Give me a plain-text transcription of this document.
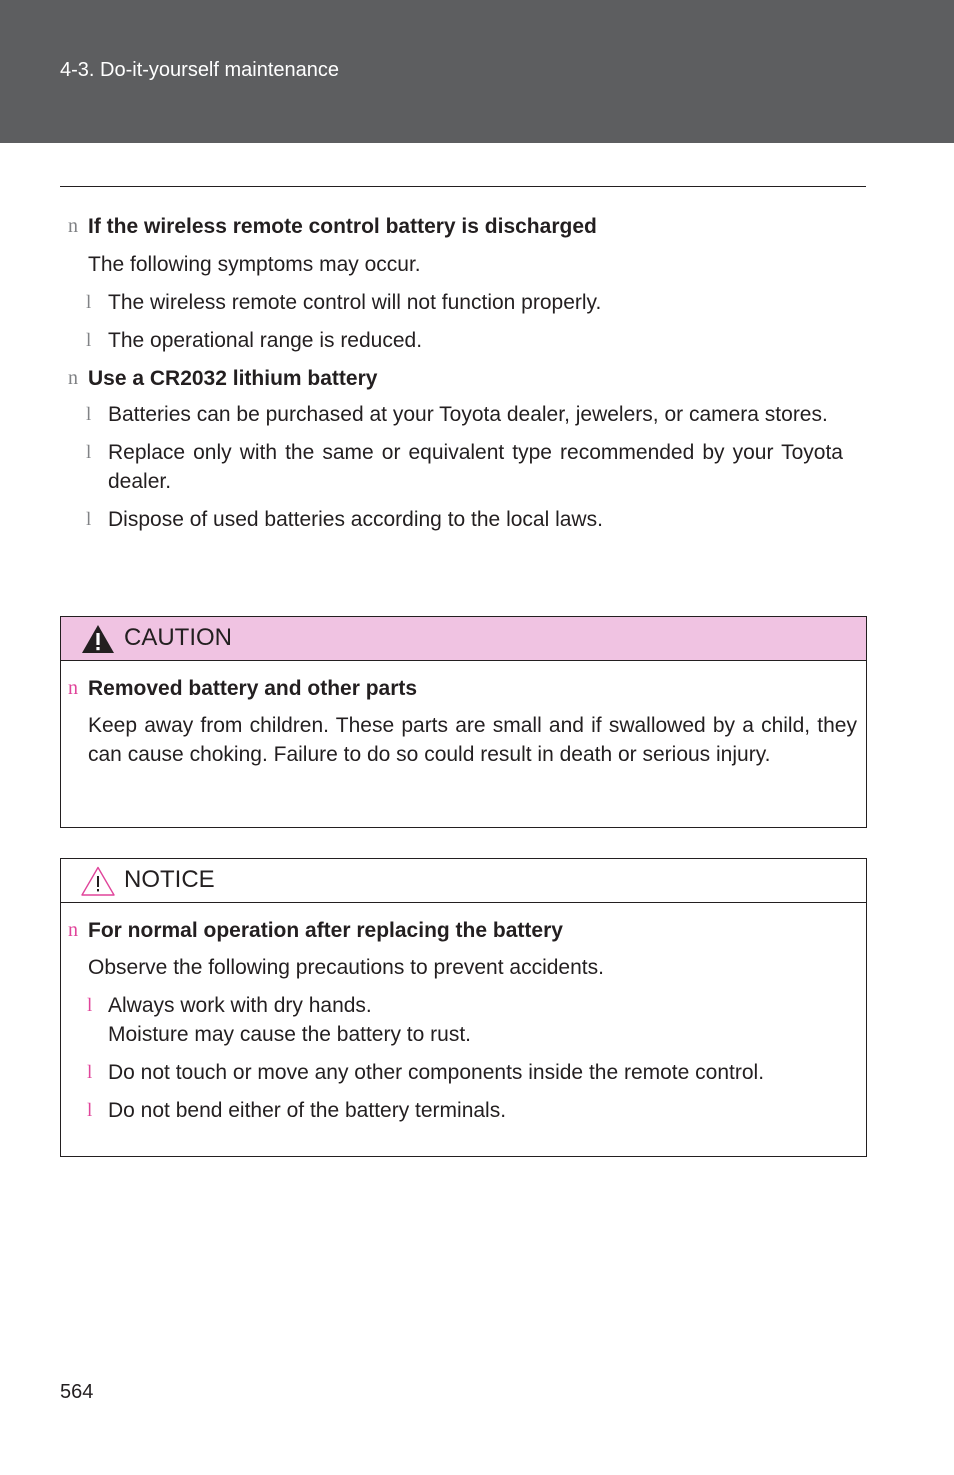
4-3. Do-it-yourself maintenance
n If the wireless remote control battery is discharged
The following symptoms may occur.
l The wireless remote control will not function properly.
l The operational range is reduced.
n Use a CR2032 lithium battery
l Batteries can be purchased at your Toyota dealer, jewelers, or camera stores.
l Replace only with the same or equivalent type recommended by your Toyota dealer.
l Dispose of used batteries according to the local laws.
CAUTION
n Removed battery and other parts
Keep away from children. These parts are small and if swallowed by a child, they can cause choking. Failure to do so could result in death or serious injury.
NOTICE
n For normal operation after replacing the battery
Observe the following precautions to prevent accidents.
l Always work with dry hands.
Moisture may cause the battery to rust.
l Do not touch or move any other components inside the remote control.
l Do not bend either of the battery terminals.
564
